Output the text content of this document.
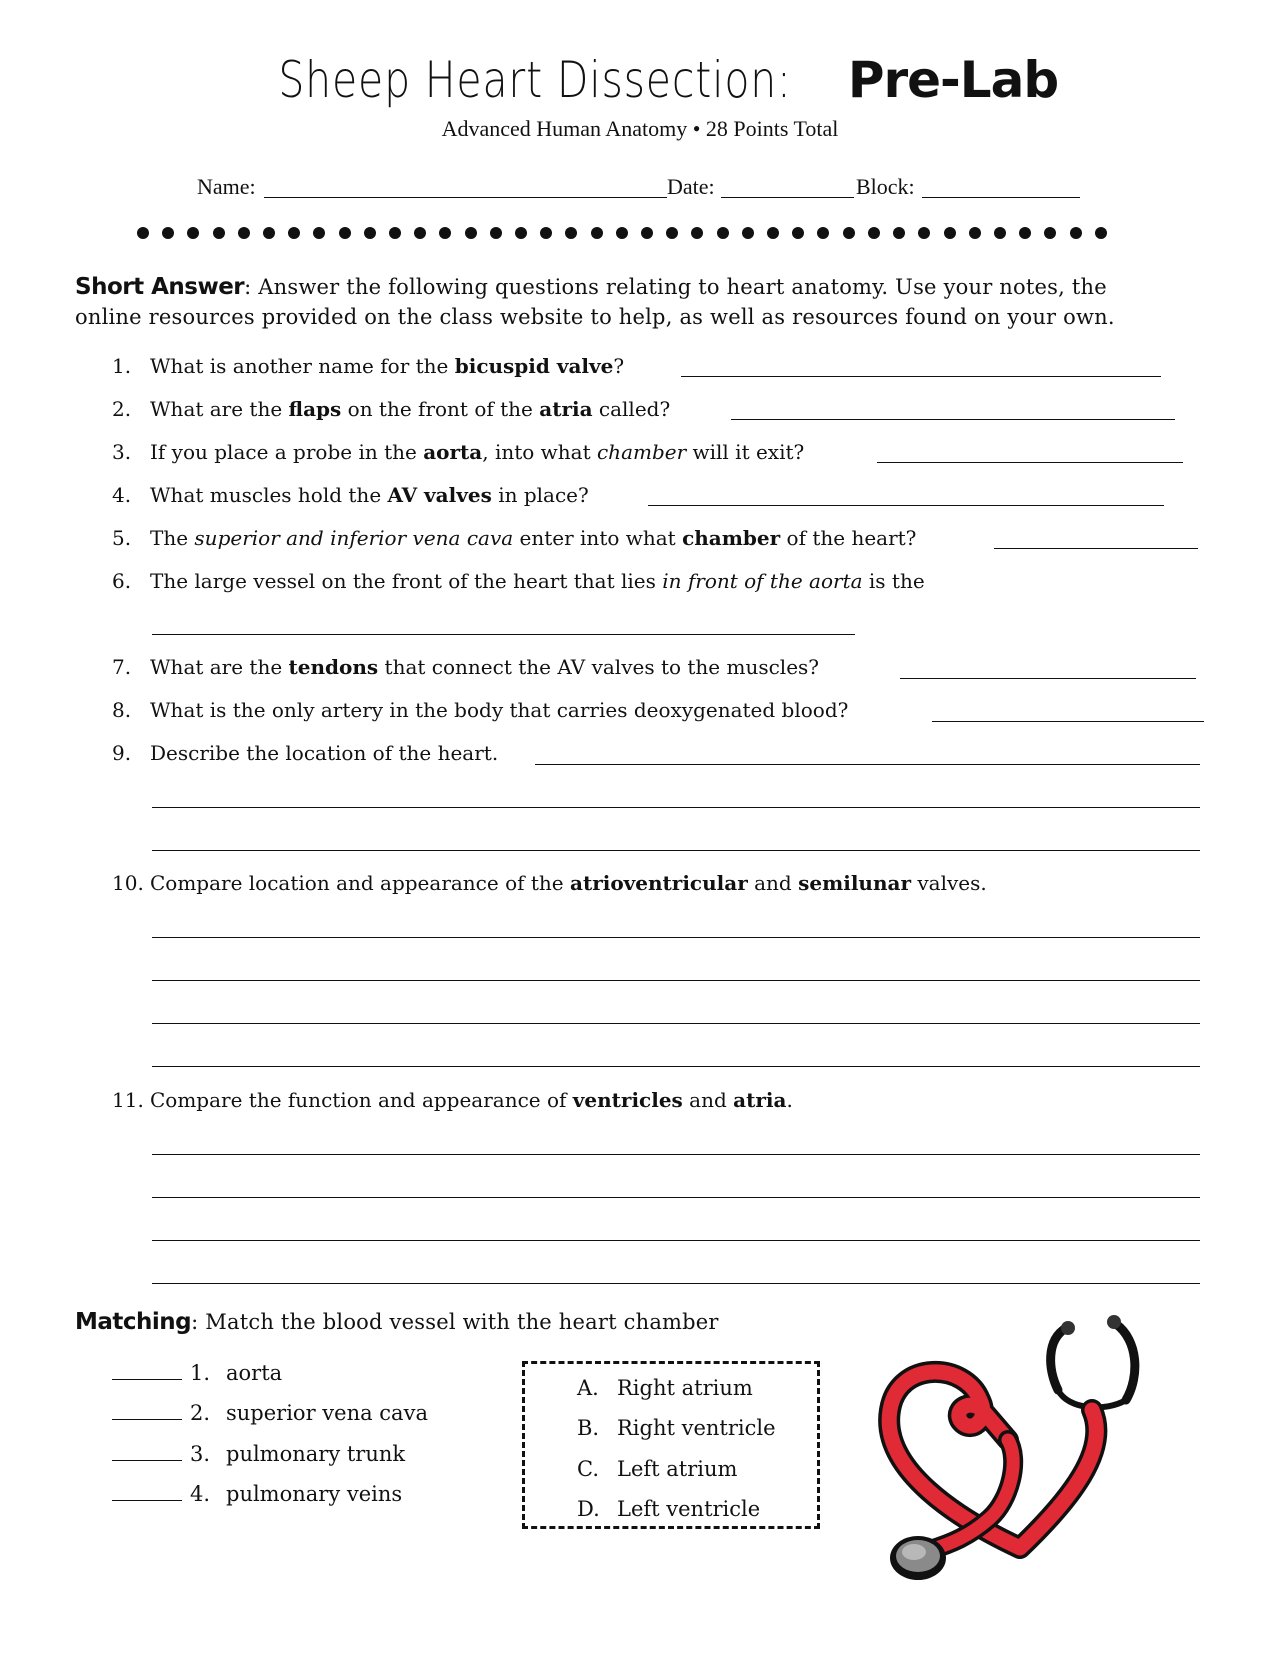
Sheep Heart Dissection:Pre-Lab
Advanced Human Anatomy • 28 Points Total
Name:	Date:	Block:
Short Answer: Answer the following questions relating to heart anatomy. Use your notes, the
online resources provided on the class website to help, as well as resources found on your own.
1. What is another name for the bicuspid valve?
2. What are the flaps on the front of the atria called?
3. If you place a probe in the aorta, into what chamber will it exit?
4. What muscles hold the AV valves in place?
5. The superior and inferior vena cava enter into what chamber of the heart?
6. The large vessel on the front of the heart that lies in front of the aorta is the
7. What are the tendons that connect the AV valves to the muscles?
8. What is the only artery in the body that carries deoxygenated blood?
9. Describe the location of the heart.
10. Compare location and appearance of the atrioventricular and semilunar valves.
11. Compare the function and appearance of ventricles and atria.
Matching: Match the blood vessel with the heart chamber
1. aorta
2. superior vena cava
3. pulmonary trunk
4. pulmonary veins
A. Right atrium
B. Right ventricle
C. Left atrium
D. Left ventricle
